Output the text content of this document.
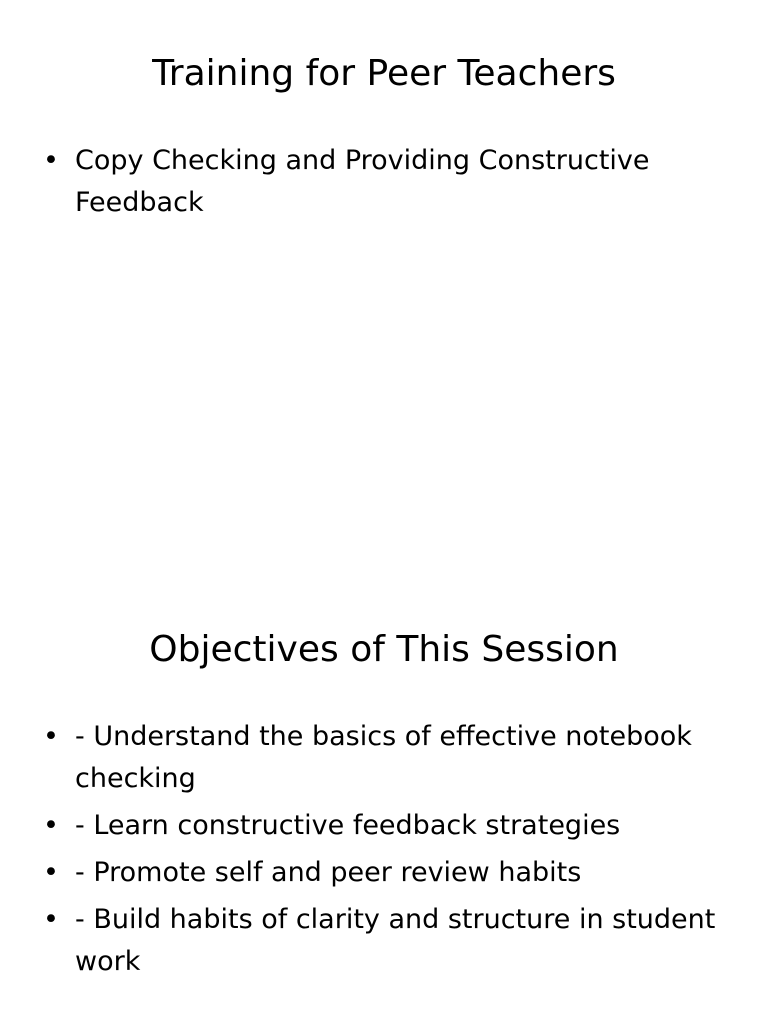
Training for Peer Teachers
• Copy Checking and Providing Constructive Feedback
Objectives of This Session
• - Understand the basics of effective notebook checking
• - Learn constructive feedback strategies
• - Promote self and peer review habits
• - Build habits of clarity and structure in student work
